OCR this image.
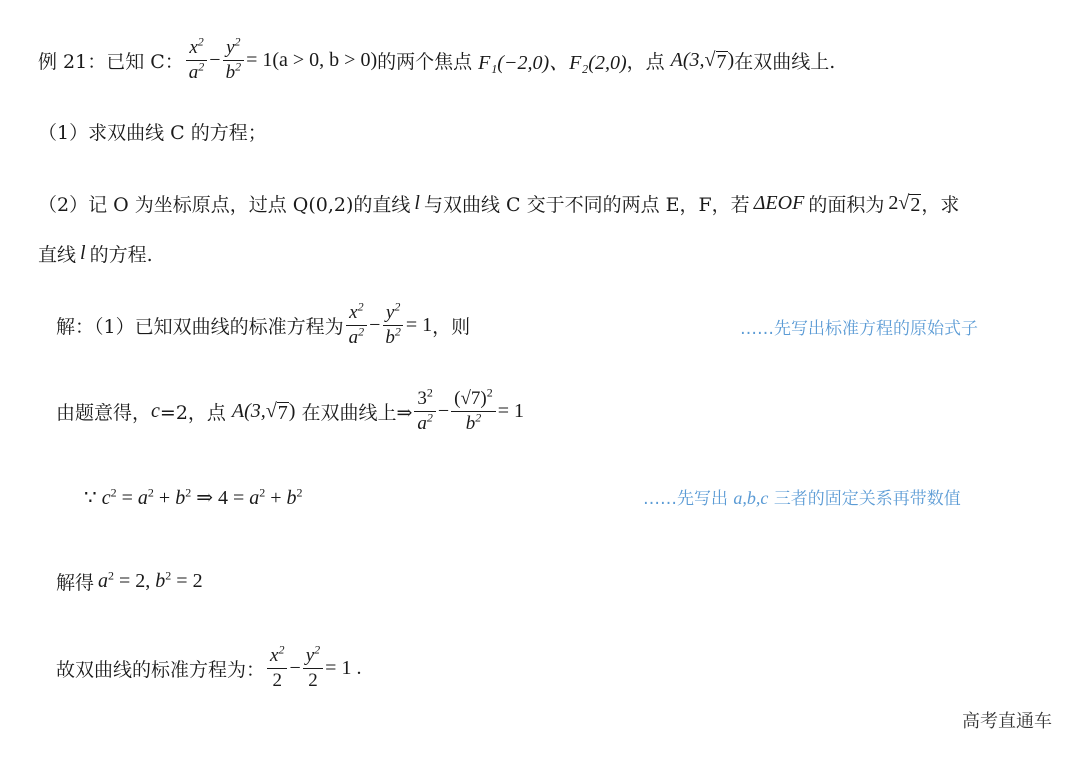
例 21：已知 C： $\frac{x^2}{a^2} - \frac{y^2}{b^2} = 1(a > 0$, b > 0) 的两个焦点 F₁(−2,0)、F₂(2,0) ，点 A(3, √ 7 ) 在双曲线上.
（1）求双曲线 C 的方程；
（2）记 O 为坐标原点，过点 Q(0,2)的直线 l 与双曲线 C 交于不同的两点 E，F，若 ΔEOF 的面积为 2 √ 2 ，求
直线 l 的方程.
解：（1）已知双曲线的标准方程为 $\frac{x^2}{a^2} - \frac{y^2}{b^2} = 1$ ，则	……先写出标准方程的原始式子
由题意得， c =2，点 A(3, √ 7 ) 在双曲线上⇒ $\frac{3^2}{a^2} - \frac{(√7)^2}{b^2} = 1$
∵ $c^2 = a^2 + b^2$ ⇒ $4 = a^2 + b^2$	……先写出 a,b,c 三者的固定关系再带数值
解得 $a^2 = 2$, $b^2 = 2$
故双曲线的标准方程为： $\frac{x^2}{2} - \frac{y^2}{2} = 1$ .
高考直通车
